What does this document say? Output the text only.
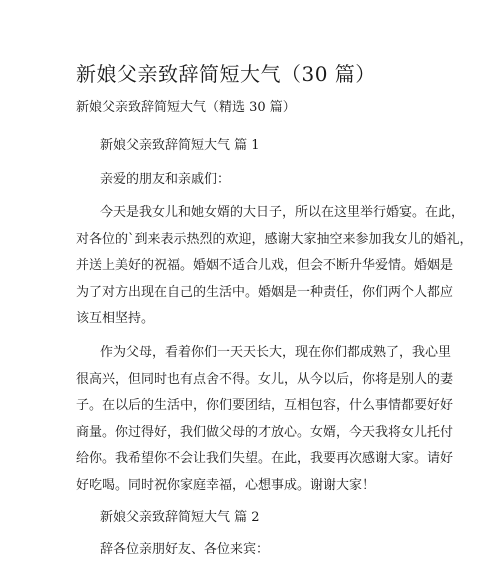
新娘父亲致辞简短大气（30 篇）
新娘父亲致辞简短大气（精选 30 篇）
新娘父亲致辞简短大气 篇 1
亲爱的朋友和亲戚们：
今天是我女儿和她女婿的大日子，所以在这里举行婚宴。在此，
对各位的`到来表示热烈的欢迎，感谢大家抽空来参加我女儿的婚礼，
并送上美好的祝福。婚姻不适合儿戏，但会不断升华爱情。婚姻是
为了对方出现在自己的生活中。婚姻是一种责任，你们两个人都应
该互相坚持。
作为父母，看着你们一天天长大，现在你们都成熟了，我心里
很高兴，但同时也有点舍不得。女儿，从今以后，你将是别人的妻
子。在以后的生活中，你们要团结，互相包容，什么事情都要好好
商量。你过得好，我们做父母的才放心。女婿，今天我将女儿托付
给你。我希望你不会让我们失望。在此，我要再次感谢大家。请好
好吃喝。同时祝你家庭幸福，心想事成。谢谢大家！
新娘父亲致辞简短大气 篇 2
辞各位亲朋好友、各位来宾：
